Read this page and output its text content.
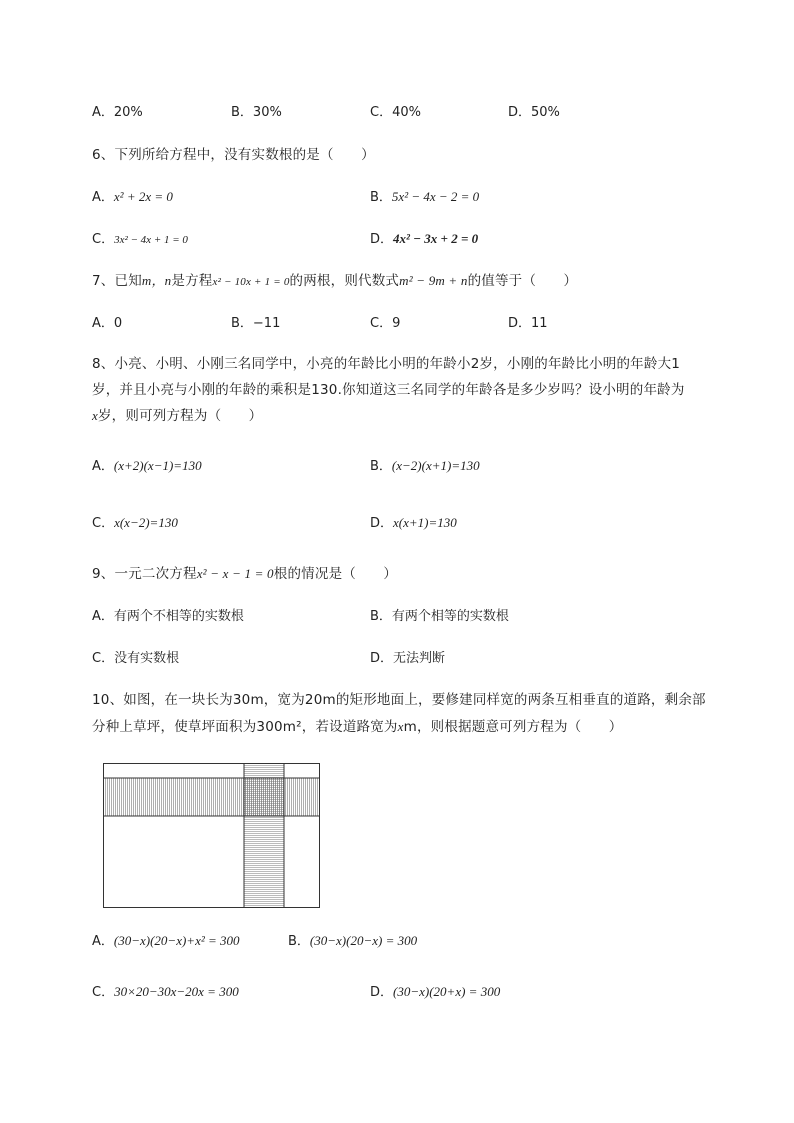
A．20%	B．30%	C．40%	D．50%
6、下列所给方程中，没有实数根的是（　　）
A．x² + 2x = 0	B．5x² − 4x − 2 = 0
C．3x² − 4x + 1 = 0	D．4x² − 3x + 2 = 0
7、已知m，n是方程x² − 10x + 1 = 0的两根，则代数式m² − 9m + n的值等于（　　）
A．0	B．−11	C．9	D．11
8、小亮、小明、小刚三名同学中，小亮的年龄比小明的年龄小2岁，小刚的年龄比小明的年龄大1
岁，并且小亮与小刚的年龄的乘积是130.你知道这三名同学的年龄各是多少岁吗？设小明的年龄为
x岁，则可列方程为（　　）
A．(x+2)(x−1)=130	B．(x−2)(x+1)=130
C．x(x−2)=130	D．x(x+1)=130
9、一元二次方程x² − x − 1 = 0根的情况是（　　）
A．有两个不相等的实数根	B．有两个相等的实数根
C．没有实数根	D．无法判断
10、如图，在一块长为30m，宽为20m的矩形地面上，要修建同样宽的两条互相垂直的道路，剩余部
分种上草坪，使草坪面积为300m²，若设道路宽为xm，则根据题意可列方程为（　　）
A．(30−x)(20−x)+x² = 300	B．(30−x)(20−x) = 300
C．30×20−30x−20x = 300	D．(30−x)(20+x) = 300
